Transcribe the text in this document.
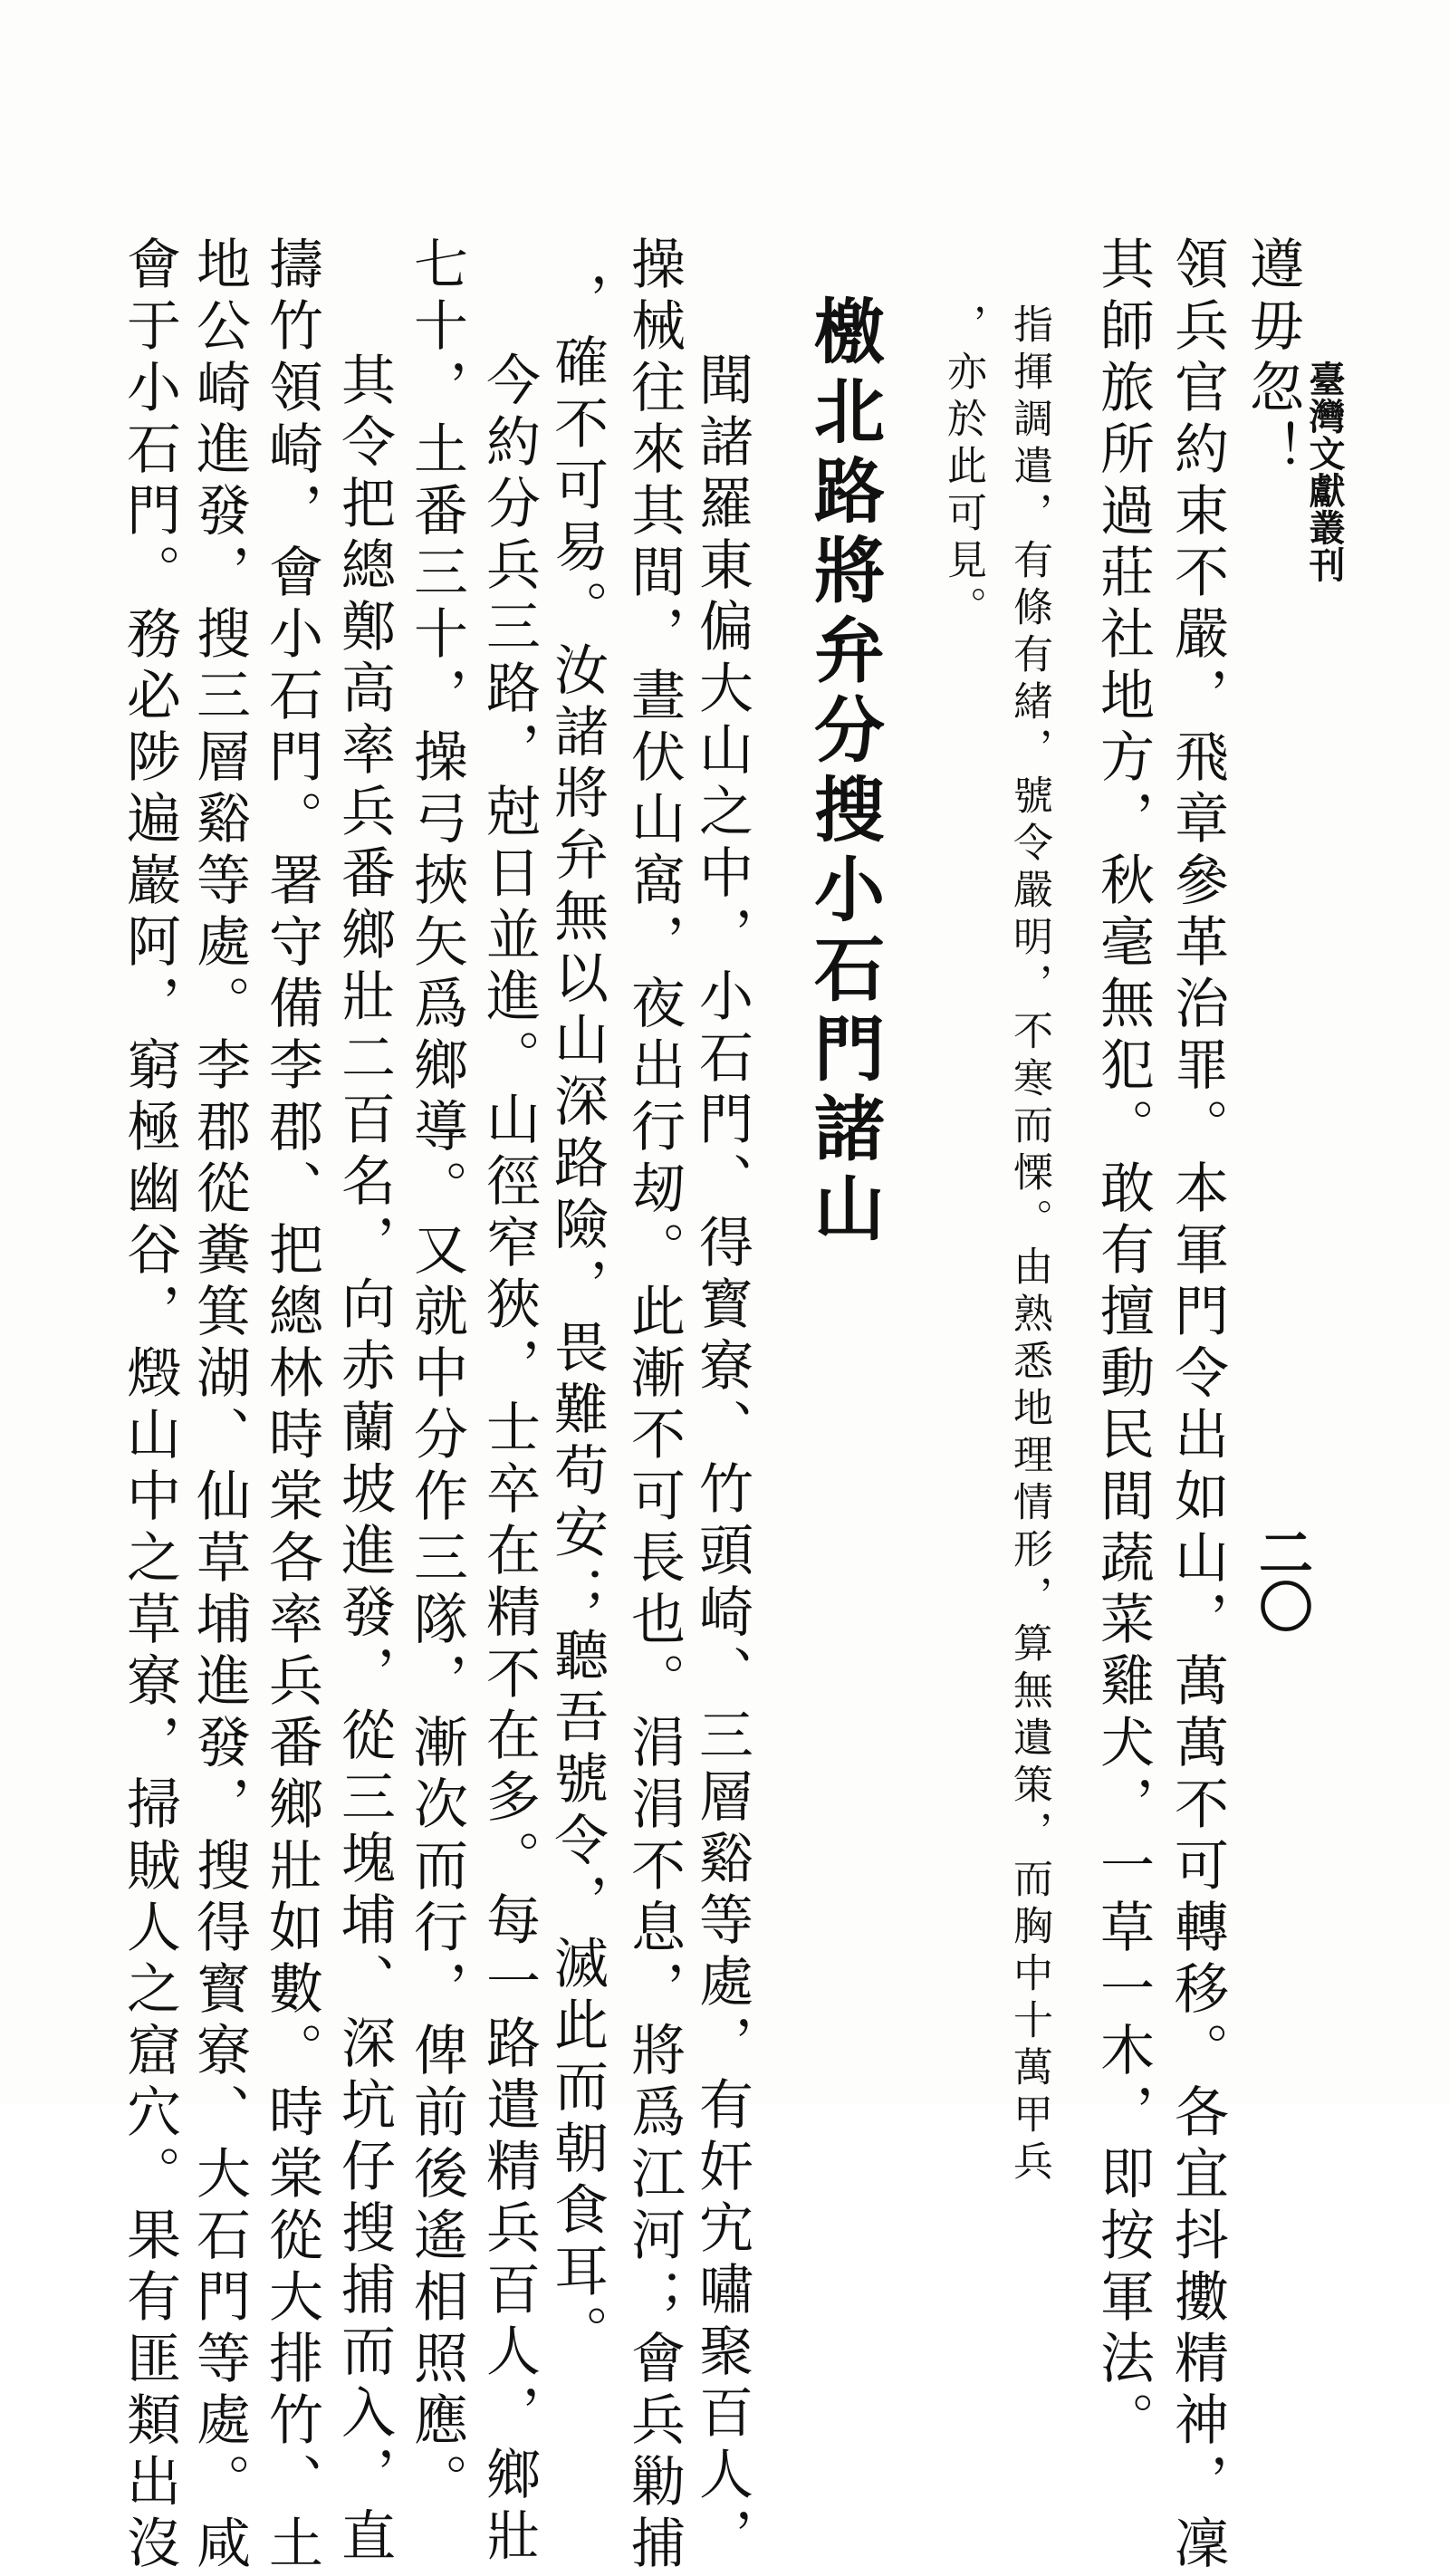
臺灣文獻叢刊
二〇
其師旅所過莊社地方，秋毫無犯。敢有擅動民間蔬菜雞犬，一草一木，即按軍法。 領兵官約束不嚴，飛章參革治罪。本軍門令出如山，萬萬不可轉移。各宜抖擻精神，凜 遵毋忽！
指揮調遣，有條有緒，號令嚴明，不寒而慄。由熟悉地理情形，算無遺策，而胸中十萬甲兵
，亦於此可見。
檄北路將弁分搜小石門諸山
聞諸羅東偏大山之中，小石門、得寳寮、竹頭崎、三層谿等處，有奸宄嘯聚百人，
操械往來其間，晝伏山窩，夜出行刼。此漸不可長也。涓涓不息，將爲江河；會兵勦捕
，確不可易。汝諸將弁無以山深路險，畏難苟安；聽吾號令，滅此而朝食耳。
今約分兵三路，尅日並進。山徑窄狹，士卒在精不在多。每一路遣精兵百人，鄉壯
七十，土番三十，操弓挾矢爲鄉導。又就中分作三隊，漸次而行，俾前後遙相照應。
其令把總鄭高率兵番鄉壯二百名，向赤蘭坡進發，從三塊埔、深坑仔搜捕而入，直
擣竹領崎，會小石門。署守備李郡、把總林時棠各率兵番鄉壯如數。時棠從大排竹、土
地公崎進發，搜三層谿等處。李郡從糞箕湖、仙草埔進發，搜得寳寮、大石門等處。咸
會于小石門。務必陟遍巖阿，窮極幽谷，燬山中之草寮，掃賊人之窟穴。果有匪類出沒
